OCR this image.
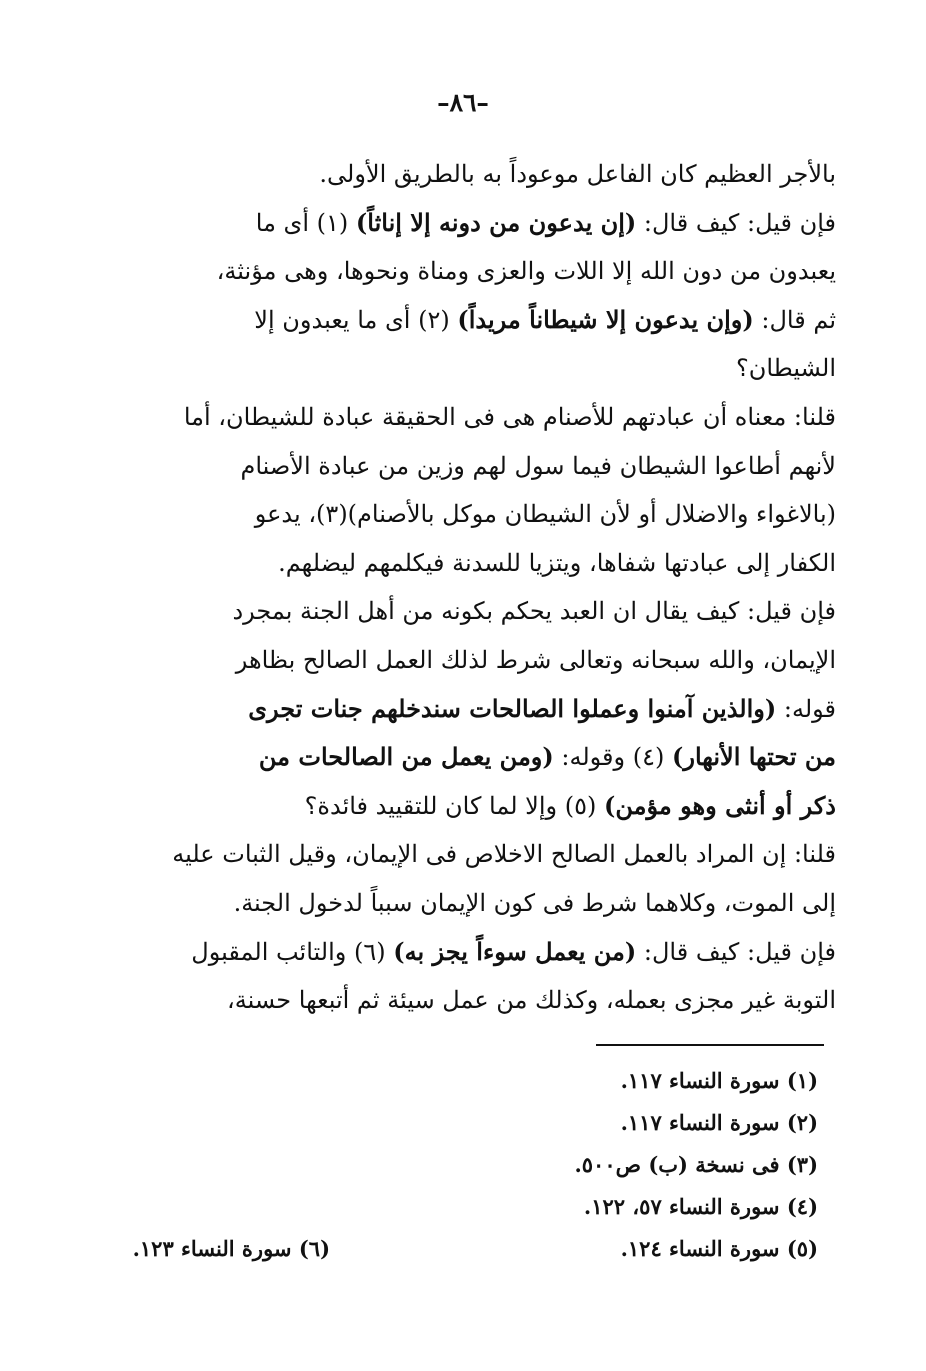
–٨٦–
بالأجر العظيم كان الفاعل موعوداً به بالطريق الأولى.
فإن قيل: كيف قال: (إن يدعون من دونه إلا إناثاً) (١) أى ما
يعبدون من دون الله إلا اللات والعزى ومناة ونحوها، وهى مؤنثة،
ثم قال: (وإن يدعون إلا شيطاناً مريداً) (٢) أى ما يعبدون إلا
الشيطان؟
قلنا: معناه أن عبادتهم للأصنام هى فى الحقيقة عبادة للشيطان، أما
لأنهم أطاعوا الشيطان فيما سول لهم وزين من عبادة الأصنام
(بالاغواء والاضلال أو لأن الشيطان موكل بالأصنام)(٣)، يدعو
الكفار إلى عبادتها شفاها، ويتزيا للسدنة فيكلمهم ليضلهم.
فإن قيل: كيف يقال ان العبد يحكم بكونه من أهل الجنة بمجرد
الإيمان، والله سبحانه وتعالى شرط لذلك العمل الصالح بظاهر
قوله: (والذين آمنوا وعملوا الصالحات سندخلهم جنات تجرى
من تحتها الأنهار) (٤) وقوله: (ومن يعمل من الصالحات من
ذكر أو أنثى وهو مؤمن) (٥) وإلا لما كان للتقييد فائدة؟
قلنا: إن المراد بالعمل الصالح الاخلاص فى الإيمان، وقيل الثبات عليه
إلى الموت، وكلاهما شرط فى كون الإيمان سبباً لدخول الجنة.
فإن قيل: كيف قال: (من يعمل سوءاً يجز به) (٦) والتائب المقبول
التوبة غير مجزى بعمله، وكذلك من عمل سيئة ثم أتبعها حسنة،
(١) سورة النساء ١١٧.
(٢) سورة النساء ١١٧.
(٣) فى نسخة (ب) ص٥٠٠.
(٤) سورة النساء ٥٧، ١٢٢.
(٥) سورة النساء ١٢٤.
(٦) سورة النساء ١٢٣.
